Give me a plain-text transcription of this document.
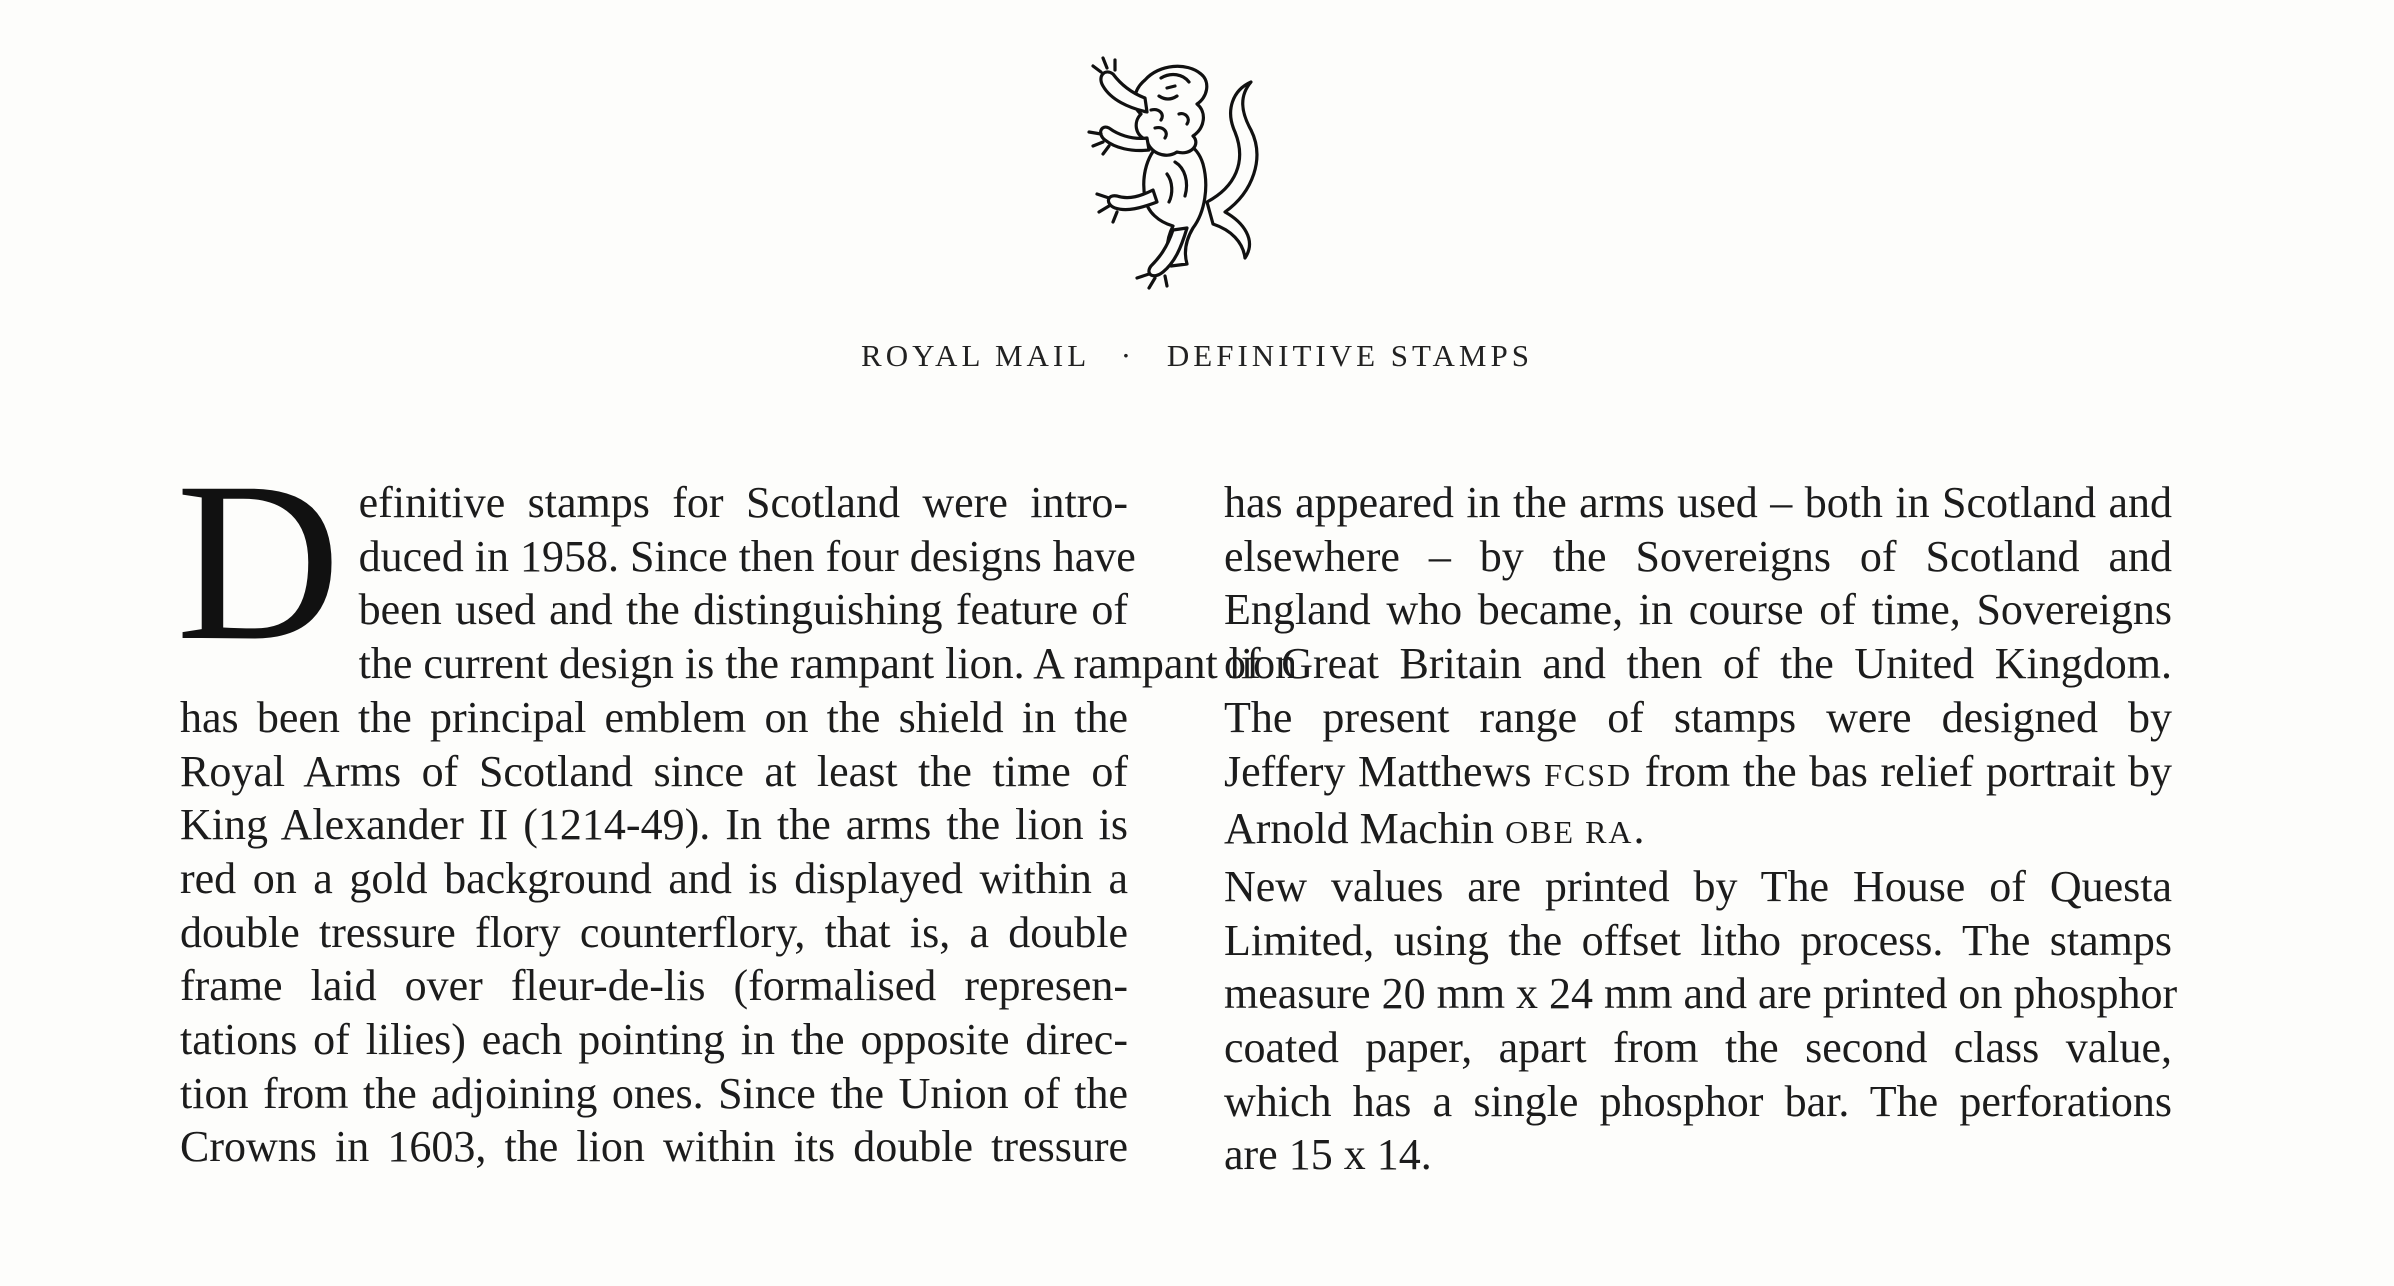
ROYAL MAIL · DEFINITIVE STAMPS
D efinitive stamps for Scotland were intro-
duced in 1958. Since then four designs have
been used and the distinguishing feature of
the current design is the rampant lion. A rampant lion
has been the principal emblem on the shield in the
Royal Arms of Scotland since at least the time of
King Alexander II (1214-49). In the arms the lion is
red on a gold background and is displayed within a
double tressure flory counterflory, that is, a double
frame laid over fleur-de-lis (formalised represen-
tations of lilies) each pointing in the opposite direc-
tion from the adjoining ones. Since the Union of the
Crowns in 1603, the lion within its double tressure
has appeared in the arms used – both in Scotland and
elsewhere – by the Sovereigns of Scotland and
England who became, in course of time, Sovereigns
of Great Britain and then of the United Kingdom.
The present range of stamps were designed by
Jeffery Matthews FCSD from the bas relief portrait by
Arnold Machin OBE RA.
New values are printed by The House of Questa
Limited, using the offset litho process. The stamps
measure 20 mm x 24 mm and are printed on phosphor
coated paper, apart from the second class value,
which has a single phosphor bar. The perforations
are 15 x 14.
